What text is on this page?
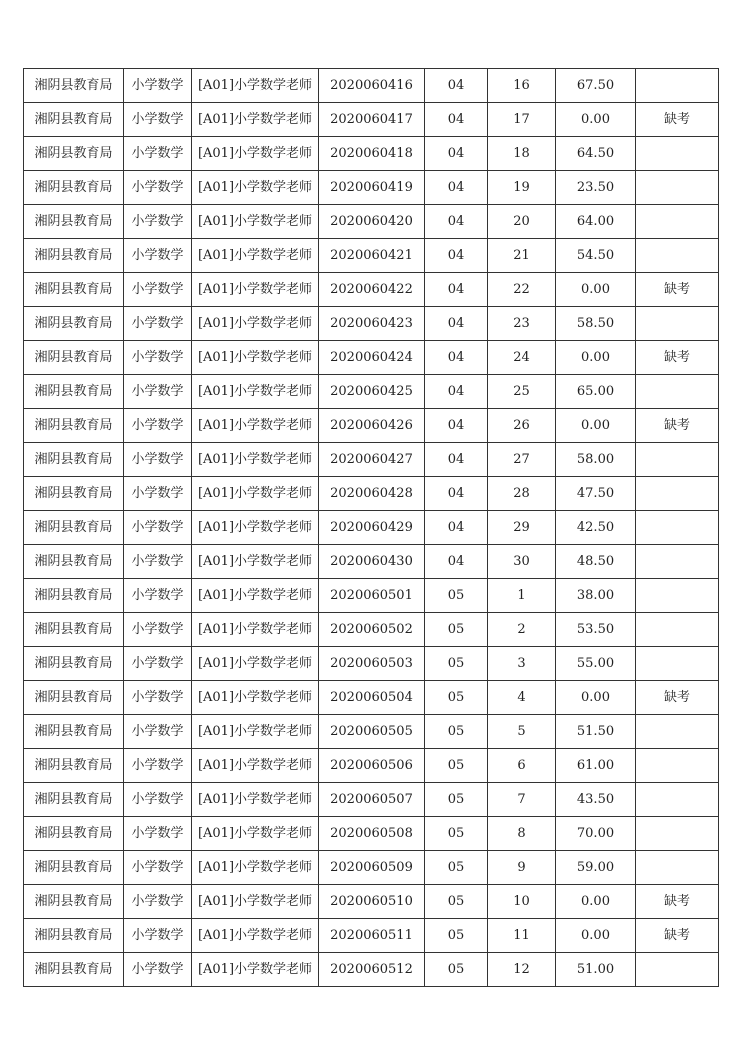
湘阴县教育局	小学数学	[A01]小学数学老师	2020060416	04	16	67.50	
湘阴县教育局	小学数学	[A01]小学数学老师	2020060417	04	17	0.00	缺考
湘阴县教育局	小学数学	[A01]小学数学老师	2020060418	04	18	64.50	
湘阴县教育局	小学数学	[A01]小学数学老师	2020060419	04	19	23.50	
湘阴县教育局	小学数学	[A01]小学数学老师	2020060420	04	20	64.00	
湘阴县教育局	小学数学	[A01]小学数学老师	2020060421	04	21	54.50	
湘阴县教育局	小学数学	[A01]小学数学老师	2020060422	04	22	0.00	缺考
湘阴县教育局	小学数学	[A01]小学数学老师	2020060423	04	23	58.50	
湘阴县教育局	小学数学	[A01]小学数学老师	2020060424	04	24	0.00	缺考
湘阴县教育局	小学数学	[A01]小学数学老师	2020060425	04	25	65.00	
湘阴县教育局	小学数学	[A01]小学数学老师	2020060426	04	26	0.00	缺考
湘阴县教育局	小学数学	[A01]小学数学老师	2020060427	04	27	58.00	
湘阴县教育局	小学数学	[A01]小学数学老师	2020060428	04	28	47.50	
湘阴县教育局	小学数学	[A01]小学数学老师	2020060429	04	29	42.50	
湘阴县教育局	小学数学	[A01]小学数学老师	2020060430	04	30	48.50	
湘阴县教育局	小学数学	[A01]小学数学老师	2020060501	05	1	38.00	
湘阴县教育局	小学数学	[A01]小学数学老师	2020060502	05	2	53.50	
湘阴县教育局	小学数学	[A01]小学数学老师	2020060503	05	3	55.00	
湘阴县教育局	小学数学	[A01]小学数学老师	2020060504	05	4	0.00	缺考
湘阴县教育局	小学数学	[A01]小学数学老师	2020060505	05	5	51.50	
湘阴县教育局	小学数学	[A01]小学数学老师	2020060506	05	6	61.00	
湘阴县教育局	小学数学	[A01]小学数学老师	2020060507	05	7	43.50	
湘阴县教育局	小学数学	[A01]小学数学老师	2020060508	05	8	70.00	
湘阴县教育局	小学数学	[A01]小学数学老师	2020060509	05	9	59.00	
湘阴县教育局	小学数学	[A01]小学数学老师	2020060510	05	10	0.00	缺考
湘阴县教育局	小学数学	[A01]小学数学老师	2020060511	05	11	0.00	缺考
湘阴县教育局	小学数学	[A01]小学数学老师	2020060512	05	12	51.00	
